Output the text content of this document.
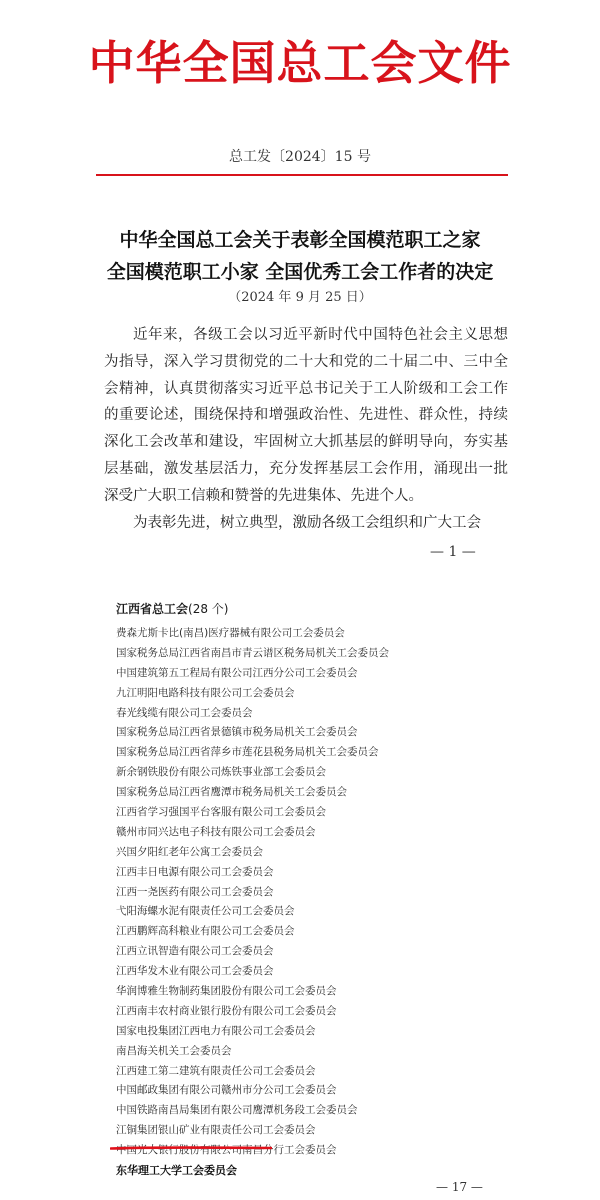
中华全国总工会文件
总工发〔2024〕15 号
中华全国总工会关于表彰全国模范职工之家
全国模范职工小家 全国优秀工会工作者的决定
（2024 年 9 月 25 日）

近年来，各级工会以习近平新时代中国特色社会主义思想为指导，深入学习贯彻党的二十大和党的二十届二中、三中全会精神，认真贯彻落实习近平总书记关于工人阶级和工会工作的重要论述，围绕保持和增强政治性、先进性、群众性，持续深化工会改革和建设，牢固树立大抓基层的鲜明导向，夯实基层基础，激发基层活力，充分发挥基层工会作用，涌现出一批深受广大职工信赖和赞誉的先进集体、先进个人。

为表彰先进，树立典型，激励各级工会组织和广大工会

— 1 —
江西省总工会(28 个)
费森尤斯卡比(南昌)医疗器械有限公司工会委员会
国家税务总局江西省南昌市青云谱区税务局机关工会委员会
中国建筑第五工程局有限公司江西分公司工会委员会
九江明阳电路科技有限公司工会委员会
春光线缆有限公司工会委员会
国家税务总局江西省景德镇市税务局机关工会委员会
国家税务总局江西省萍乡市莲花县税务局机关工会委员会
新余钢铁股份有限公司炼铁事业部工会委员会
国家税务总局江西省鹰潭市税务局机关工会委员会
江西省学习强国平台客服有限公司工会委员会
赣州市同兴达电子科技有限公司工会委员会
兴国夕阳红老年公寓工会委员会
江西丰日电源有限公司工会委员会
江西一尧医药有限公司工会委员会
弋阳海螺水泥有限责任公司工会委员会
江西鹏辉高科粮业有限公司工会委员会
江西立讯智造有限公司工会委员会
江西华发木业有限公司工会委员会
华润博雅生物制药集团股份有限公司工会委员会
江西南丰农村商业银行股份有限公司工会委员会
国家电投集团江西电力有限公司工会委员会
南昌海关机关工会委员会
江西建工第二建筑有限责任公司工会委员会
中国邮政集团有限公司赣州市分公司工会委员会
中国铁路南昌局集团有限公司鹰潭机务段工会委员会
江铜集团银山矿业有限责任公司工会委员会
中国光大银行股份有限公司南昌分行工会委员会
东华理工大学工会委员会
— 17 —
